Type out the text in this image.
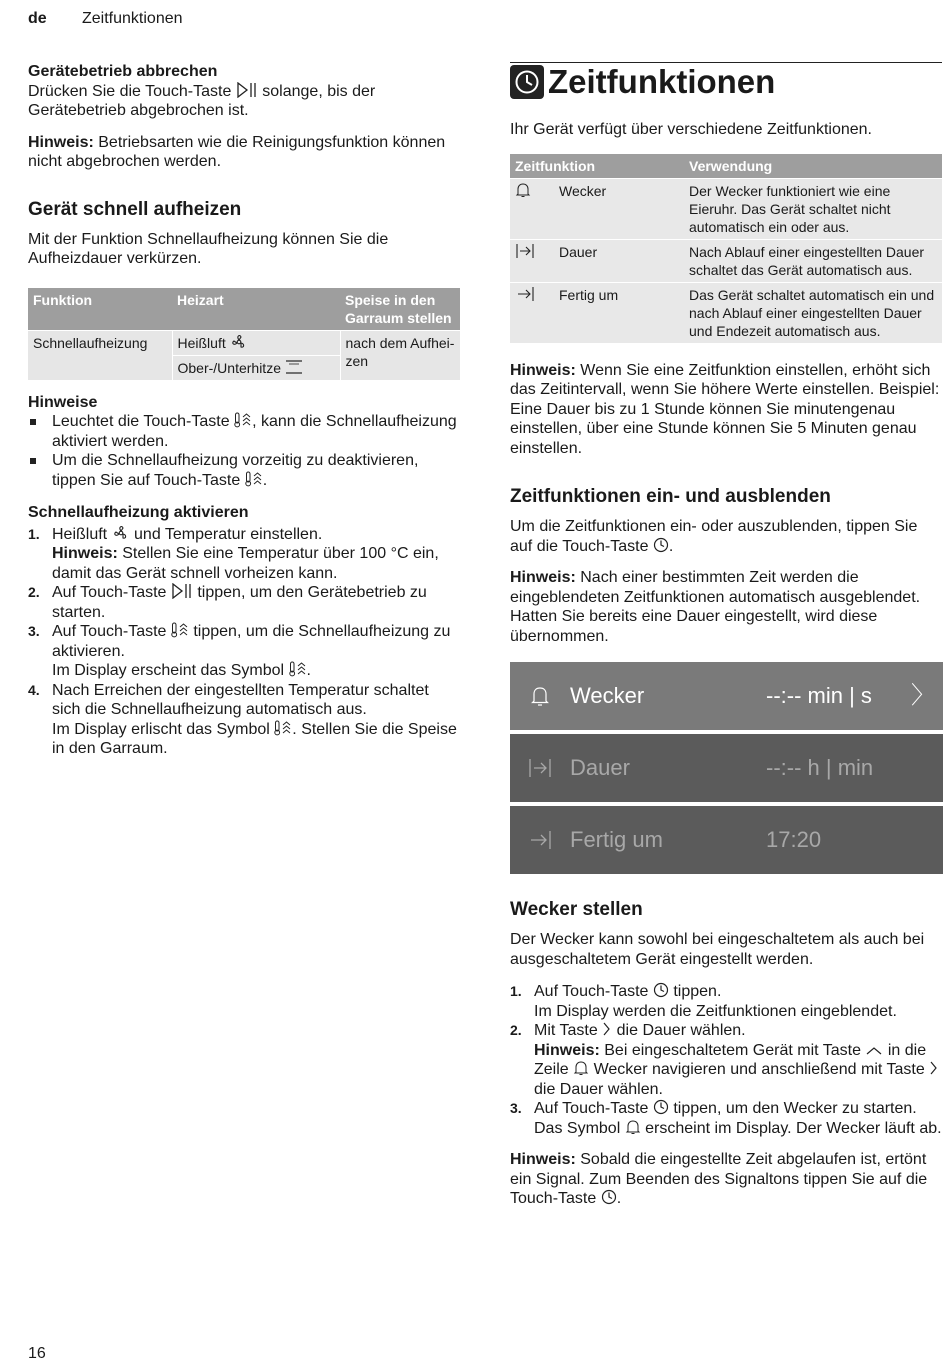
de Zeitfunktionen

Gerätebetrieb abbrechen

Drücken Sie die Touch-Taste solange, bis der Gerätebetrieb abgebrochen ist.

Hinweis: Betriebsarten wie die Reinigungsfunktion können nicht abgebrochen werden.

Gerät schnell aufheizen

Mit der Funktion Schnellaufheizung können Sie die Aufheizdauer verkürzen.

Funktion	Heizart	Speise in den Garraum stellen
Schnellaufheizung	Heißluft	nach dem Aufhei-zen
	Ober-/Unterhitze	

Hinweise

Leuchtet die Touch-Taste , kann die Schnellaufheizung aktiviert werden.
Um die Schnellaufheizung vorzeitig zu deaktivieren, tippen Sie auf Touch-Taste .

Schnellaufheizung aktivieren

1. Heißluft und Temperatur einstellen.
Hinweis: Stellen Sie eine Temperatur über 100 °C ein, damit das Gerät schnell vorheizen kann.
2. Auf Touch-Taste tippen, um den Gerätebetrieb zu starten.
3. Auf Touch-Taste tippen, um die Schnellaufheizung zu aktivieren.
Im Display erscheint das Symbol .
4. Nach Erreichen der eingestellten Temperatur schaltet sich die Schnellaufheizung automatisch aus.
Im Display erlischt das Symbol . Stellen Sie die Speise in den Garraum.
Zeitfunktionen

Ihr Gerät verfügt über verschiedene Zeitfunktionen.

Zeitfunktion	Verwendung

Wecker	Der Wecker funktioniert wie eine Eieruhr. Das Gerät schaltet nicht automatisch ein oder aus.

Dauer	Nach Ablauf einer eingestellten Dauer schaltet das Gerät automatisch aus.

Fertig um	Das Gerät schaltet automatisch ein und nach Ablauf einer eingestellten Dauer und Endezeit automatisch aus.

Hinweis: Wenn Sie eine Zeitfunktion einstellen, erhöht sich das Zeitintervall, wenn Sie höhere Werte einstellen. Beispiel: Eine Dauer bis zu 1 Stunde können Sie minutengenau einstellen, über eine Stunde können Sie 5 Minuten genau einstellen.

Zeitfunktionen ein- und ausblenden

Um die Zeitfunktionen ein- oder auszublenden, tippen Sie auf die Touch-Taste .

Hinweis: Nach einer bestimmten Zeit werden die eingeblendeten Zeitfunktionen automatisch ausgeblendet. Hatten Sie bereits eine Dauer eingestellt, wird diese übernommen.

Wecker	--:-- min | s	〉
Dauer	--:-- h | min
Fertig um	17:20

Wecker stellen

Der Wecker kann sowohl bei eingeschaltetem als auch bei ausgeschaltetem Gerät eingestellt werden.

1. Auf Touch-Taste tippen.
Im Display werden die Zeitfunktionen eingeblendet.
2. Mit Taste die Dauer wählen.
Hinweis: Bei eingeschaltetem Gerät mit Taste in die Zeile Wecker navigieren und anschließend mit Taste
die Dauer wählen.
3. Auf Touch-Taste tippen, um den Wecker zu starten.
Das Symbol erscheint im Display. Der Wecker läuft ab.

Hinweis: Sobald die eingestellte Zeit abgelaufen ist, ertönt ein Signal. Zum Beenden des Signaltons tippen Sie auf die Touch-Taste .

16
